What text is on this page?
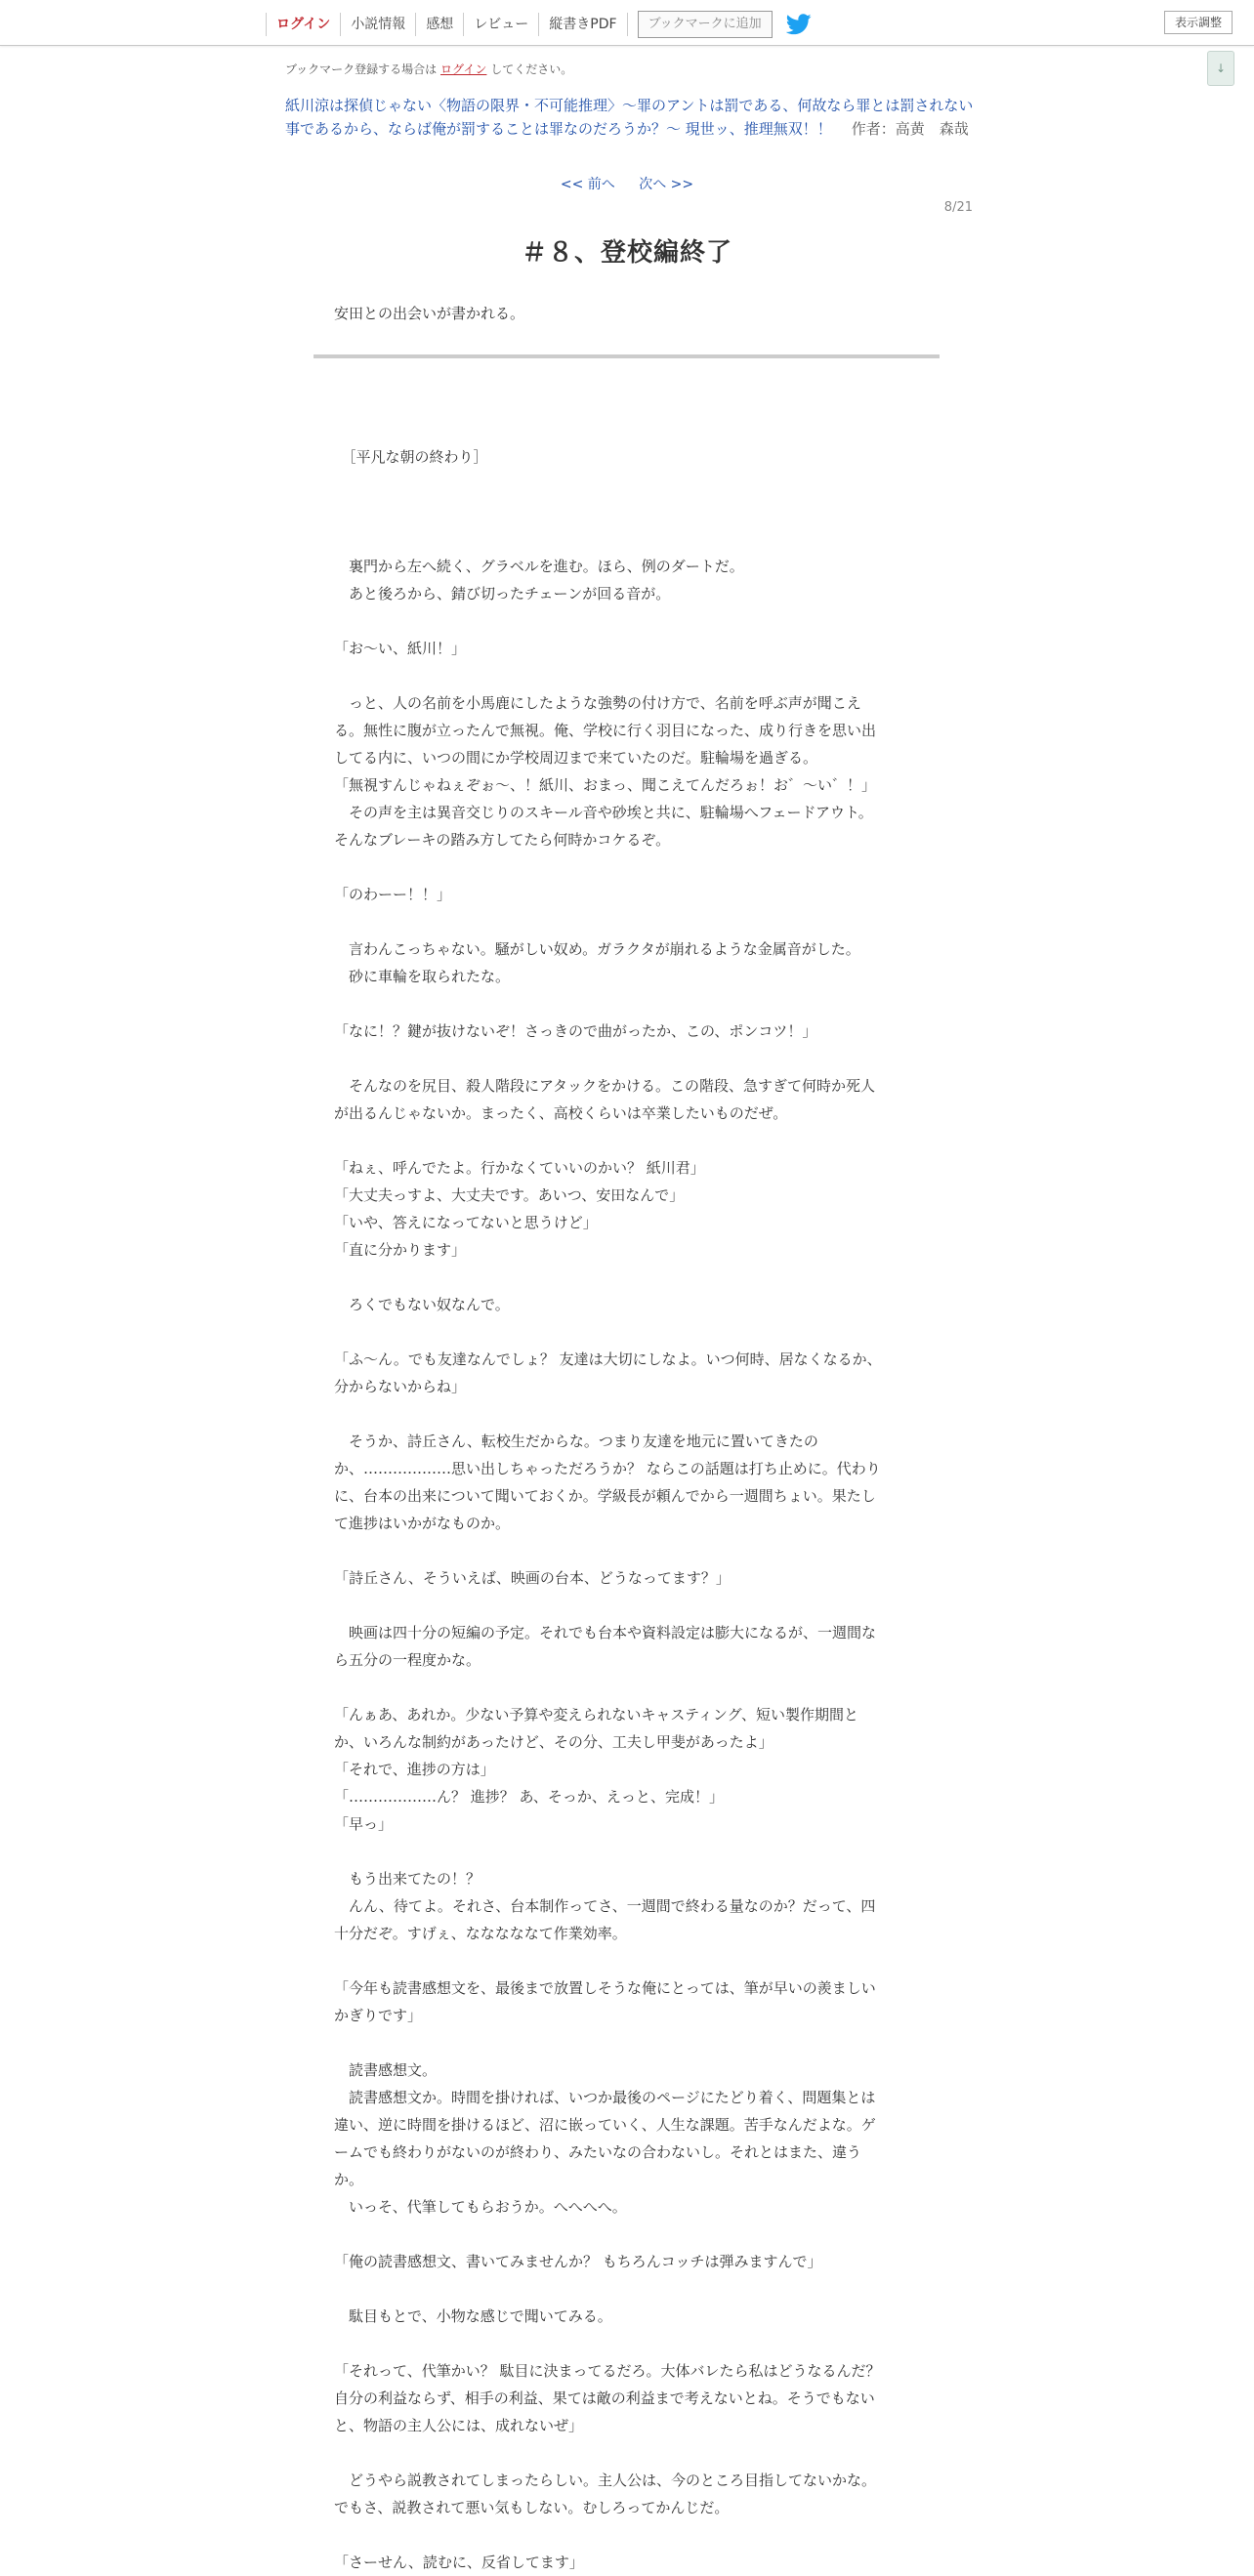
ログイン	小説情報	感想	レビュー	縦書きPDF	ブックマークに追加	表示調整
↓
ブックマーク登録する場合は ログイン してください。
紙川涼は探偵じゃない〈物語の限界・不可能推理〉～罪のアントは罰である、何故なら罪とは罰されない事であるから、ならば俺が罰することは罪なのだろうか？～ 現世ッ、推理無双！！ 作者：高黄　森哉
<< 前へ 次へ >>
8/21
＃８、登校編終了
安田との出会いが書かれる。

　［平凡な朝の終わり］

　裏門から左へ続く、グラベルを進む。ほら、例のダートだ。

　あと後ろから、錆び切ったチェーンが回る音が。

「お～い、紙川！」

　っと、人の名前を小馬鹿にしたような強勢の付け方で、名前を呼ぶ声が聞こえ

る。無性に腹が立ったんで無視。俺、学校に行く羽目になった、成り行きを思い出

してる内に、いつの間にか学校周辺まで来ていたのだ。駐輪場を過ぎる。

「無視すんじゃねぇぞぉ～、！紙川、おまっ、聞こえてんだろぉ！お゛～い゛！」

　その声を主は異音交じりのスキール音や砂埃と共に、駐輪場へフェードアウト。

そんなブレーキの踏み方してたら何時かコケるぞ。

「のわーー！！」

　言わんこっちゃない。騒がしい奴め。ガラクタが崩れるような金属音がした。

　砂に車輪を取られたな。

「なに！？鍵が抜けないぞ！さっきので曲がったか、この、ポンコツ！」

　そんなのを尻目、殺人階段にアタックをかける。この階段、急すぎて何時か死人

が出るんじゃないか。まったく、高校くらいは卒業したいものだぜ。

「ねぇ、呼んでたよ。行かなくていいのかい？ 紙川君」

「大丈夫っすよ、大丈夫です。あいつ、安田なんで」

「いや、答えになってないと思うけど」

「直に分かります」

　ろくでもない奴なんで。

「ふ～ん。でも友達なんでしょ？ 友達は大切にしなよ。いつ何時、居なくなるか、

分からないからね」

　そうか、詩丘さん、転校生だからな。つまり友達を地元に置いてきたの

か、………………思い出しちゃっただろうか？ ならこの話題は打ち止めに。代わり

に、台本の出来について聞いておくか。学級長が頼んでから一週間ちょい。果たし

て進捗はいかがなものか。

「詩丘さん、そういえば、映画の台本、どうなってます？」

　映画は四十分の短編の予定。それでも台本や資料設定は膨大になるが、一週間な

ら五分の一程度かな。

「んぁあ、あれか。少ない予算や変えられないキャスティング、短い製作期間と

か、いろんな制約があったけど、その分、工夫し甲斐があったよ」

「それで、進捗の方は」

「………………ん？ 進捗？ あ、そっか、えっと、完成！」

「早っ」

　もう出来てたの！？

　んん、待てよ。それさ、台本制作ってさ、一週間で終わる量なのか？だって、四

十分だぞ。すげぇ、なななななて作業効率。

「今年も読書感想文を、最後まで放置しそうな俺にとっては、筆が早いの羨ましい

かぎりです」

　読書感想文。

　読書感想文か。時間を掛ければ、いつか最後のページにたどり着く、問題集とは

違い、逆に時間を掛けるほど、沼に嵌っていく、人生な課題。苦手なんだよな。ゲ

ームでも終わりがないのが終わり、みたいなの合わないし。それとはまた、違う

か。

　いっそ、代筆してもらおうか。へへへへ。

「俺の読書感想文、書いてみませんか？ もちろんコッチは弾みますんで」

　駄目もとで、小物な感じで聞いてみる。

「それって、代筆かい？ 駄目に決まってるだろ。大体バレたら私はどうなるんだ？

自分の利益ならず、相手の利益、果ては敵の利益まで考えないとね。そうでもない

と、物語の主人公には、成れないぜ」

　どうやら説教されてしまったらしい。主人公は、今のところ目指してないかな。

でもさ、説教されて悪い気もしない。むしろってかんじだ。

「さーせん、読むに、反省してます」
